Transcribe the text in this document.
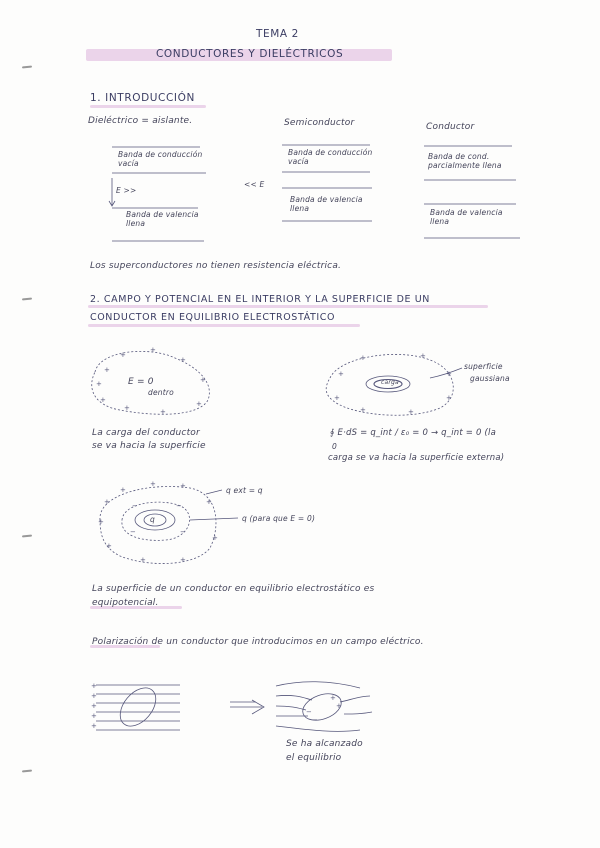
TEMA 2
CONDUCTORES Y DIELÉCTRICOS
1. INTRODUCCIÓN
Dieléctrico = aislante.	Semiconductor	Conductor
Banda de conducción vacía
E >>
Banda de valencia llena
<< E
Banda de conducción vacía
Banda de valencia llena
Banda de cond. parcialmente llena
Banda de valencia llena
Los superconductores no tienen resistencia eléctrica.
2. CAMPO Y POTENCIAL EN EL INTERIOR Y LA SUPERFICIE DE UN
CONDUCTOR EN EQUILIBRIO ELECTROSTÁTICO
E = 0
dentro
La carga del conductor
se va hacia la superficie
superficie
gaussiana
carga
∮ E·dS = q_int / ε₀ = 0 → q_int = 0 (la
0
carga se va hacia la superficie externa)
q ext = q
q (para que E = 0)
q
La superficie de un conductor en equilibrio electrostático es
equipotencial.
Polarización de un conductor que introducimos en un campo eléctrico.
Se ha alcanzado
el equilibrio
+
+
+
+
+
+
+
+
+
+
+
+	+
+
+
+
+
+
+
+	+
+
+
+
+
+
+
+	−	−
−
−
+
+
+
+
+
−
−
+
+
